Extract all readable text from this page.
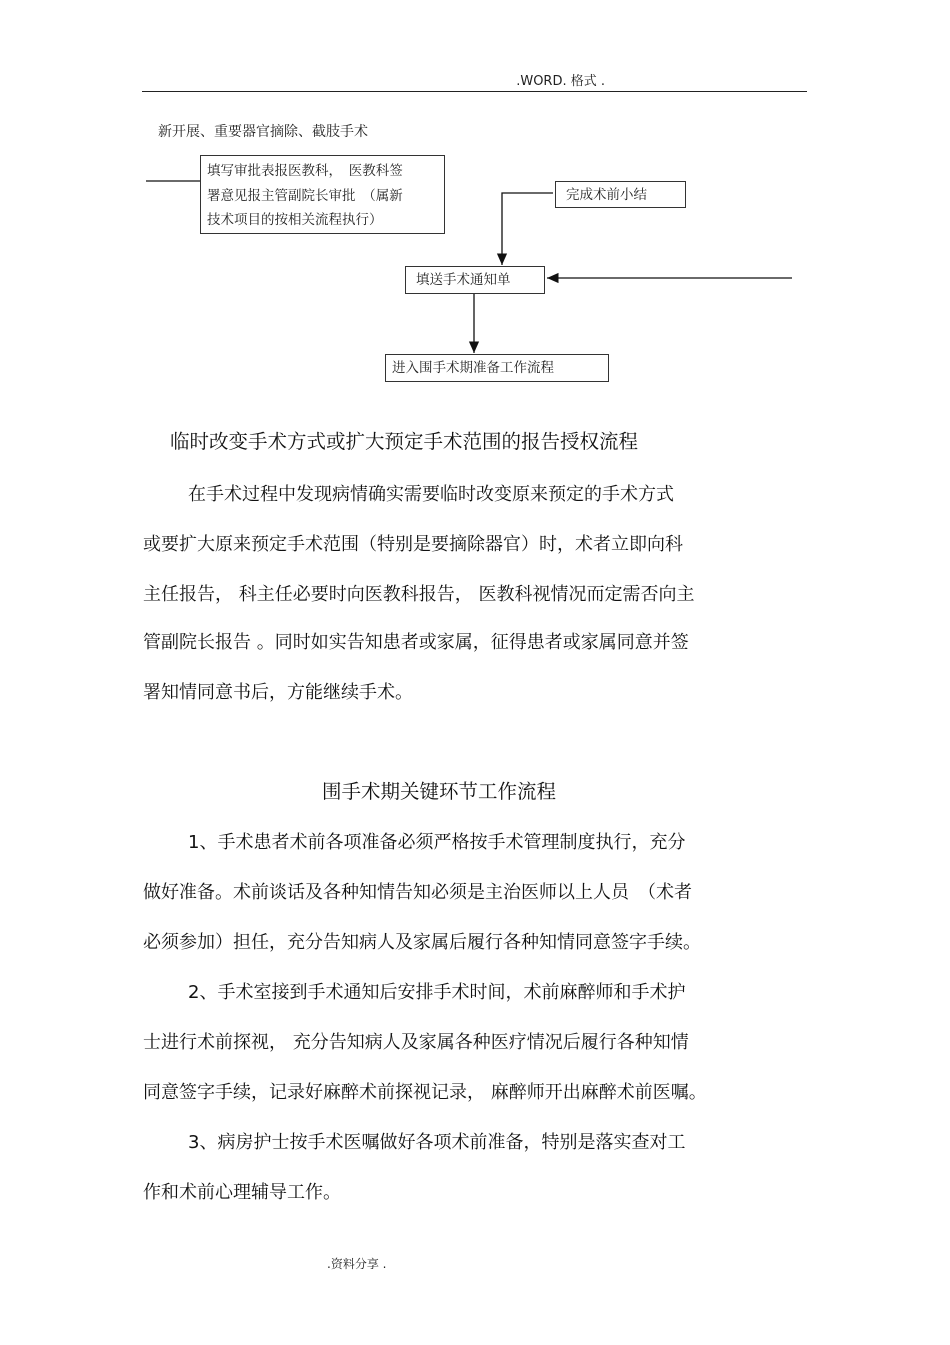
.WORD. 格式 .
新开展、重要器官摘除、截肢手术
填写审批表报医教科，　医教科签
署意见报主管副院长审批　（属新
技术项目的按相关流程执行）
完成术前小结
填送手术通知单
进入围手术期准备工作流程
临时改变手术方式或扩大预定手术范围的报告授权流程
在手术过程中发现病情确实需要临时改变原来预定的手术方式
或要扩大原来预定手术范围（特别是要摘除器官）时，术者立即向科
主任报告， 科主任必要时向医教科报告， 医教科视情况而定需否向主
管副院长报告 。同时如实告知患者或家属，征得患者或家属同意并签
署知情同意书后，方能继续手术。
围手术期关键环节工作流程
1、手术患者术前各项准备必须严格按手术管理制度执行，充分
做好准备。术前谈话及各种知情告知必须是主治医师以上人员　（术者
必须参加）担任，充分告知病人及家属后履行各种知情同意签字手续。
2、手术室接到手术通知后安排手术时间，术前麻醉师和手术护
士进行术前探视， 充分告知病人及家属各种医疗情况后履行各种知情
同意签字手续，记录好麻醉术前探视记录， 麻醉师开出麻醉术前医嘱。
3、病房护士按手术医嘱做好各项术前准备，特别是落实查对工
作和术前心理辅导工作。
.资料分享 .
